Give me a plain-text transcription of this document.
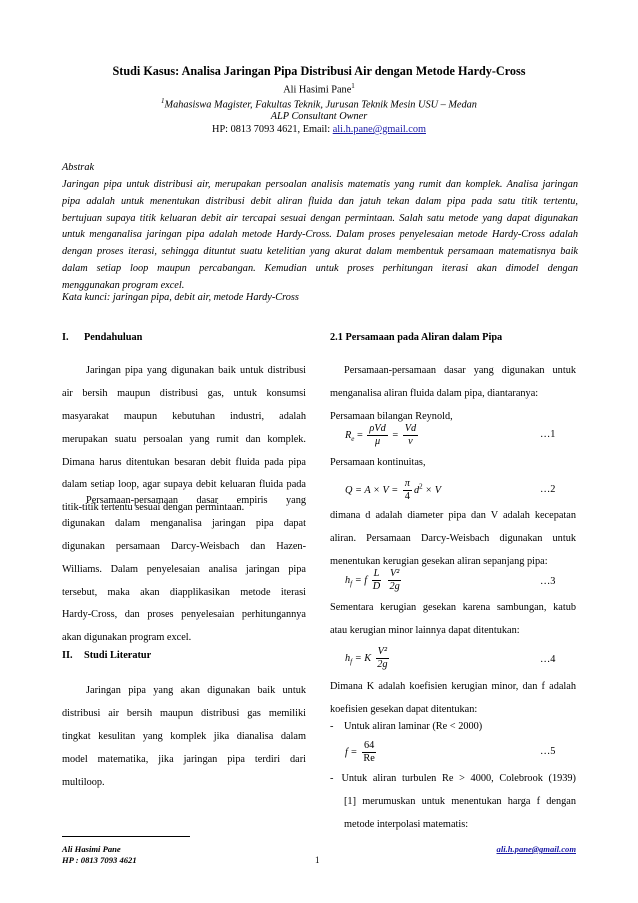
Studi Kasus: Analisa Jaringan Pipa Distribusi Air dengan Metode Hardy-Cross
Ali Hasimi Pane$^1$
$^1$Mahasiswa Magister, Fakultas Teknik, Jurusan Teknik Mesin USU – Medan
ALP Consultant Owner
HP: 0813 7093 4621, Email: ali.h.pane@gmail.com
Abstrak
Jaringan pipa untuk distribusi air, merupakan persoalan analisis matematis yang rumit dan komplek. Analisa jaringan
pipa adalah untuk menentukan distribusi debit aliran fluida dan jatuh tekan dalam pipa pada satu titik tertentu,
bertujuan supaya titik keluaran debit air tercapai sesuai dengan permintaan. Salah satu metode yang dapat digunakan
untuk menganalisa jaringan pipa adalah metode Hardy-Cross. Dalam proses penyelesaian metode Hardy-Cross adalah
dengan proses iterasi, sehingga dituntut suatu ketelitian yang akurat dalam membentuk persamaan matematisnya baik
dalam setiap loop maupun percabangan. Kemudian untuk proses perhitungan iterasi akan dimodel dengan
menggunakan program excel.
Kata kunci: jaringan pipa, debit air, metode Hardy-Cross
I. Pendahuluan
Jaringan pipa yang digunakan baik untuk distribusi
air bersih maupun distribusi gas, untuk konsumsi
masyarakat maupun kebutuhan industri, adalah
merupakan suatu persoalan yang rumit dan komplek.
Dimana harus ditentukan besaran debit fluida pada pipa
dalam setiap loop, agar supaya debit keluaran fluida pada
titik-titik tertentu sesuai dengan permintaan.
Persamaan-persamaan dasar empiris yang
digunakan dalam menganalisa jaringan pipa dapat
digunakan persamaan Darcy-Weisbach dan Hazen-
Williams. Dalam penyelesaian analisa jaringan pipa
tersebut, maka akan diapplikasikan metode iterasi
Hardy-Cross, dan proses penyelesaian perhitungannya
akan digunakan program excel.
II. Studi Literatur
Jaringan pipa yang akan digunakan baik untuk
distribusi air bersih maupun distribusi gas memiliki
tingkat kesulitan yang komplek jika dianalisa dalam
model matematika, jika jaringan pipa terdiri dari
multiloop.
2.1 Persamaan pada Aliran dalam Pipa
Persamaan-persamaan dasar yang digunakan untuk
menganalisa aliran fluida dalam pipa, diantaranya:
Persamaan bilangan Reynold,
$R_e = \frac{\text{ρVd}}{\mu} = \frac{Vd}{\nu}$	…1
Persamaan kontinuitas,
$Q = A \times V = \frac{\pi}{4} d^2 \times V$	…2
dimana d adalah diameter pipa dan V adalah kecepatan
aliran. Persamaan Darcy-Weisbach digunakan untuk
menentukan kerugian gesekan aliran sepanjang pipa:
$h_f = f \frac{L}{D}$
$\frac{\text{V²}}{2g}$	…3
Sementara kerugian gesekan karena sambungan, katub
atau kerugian minor lainnya dapat ditentukan:
$h_f = K \frac{\text{V²}}{2g}$	…4
Dimana K adalah koefisien kerugian minor, dan f adalah
koefisien gesekan dapat ditentukan:
- Untuk aliran laminar (Re < 2000)
$f = \frac{64}{Re}$	…5
- Untuk aliran turbulen Re > 4000, Colebrook (1939)
[1] merumuskan untuk menentukan harga f dengan
metode interpolasi matematis:
Ali Hasimi Pane
HP : 0813 7093 4621	1
ali.h.pane@gmail.com
